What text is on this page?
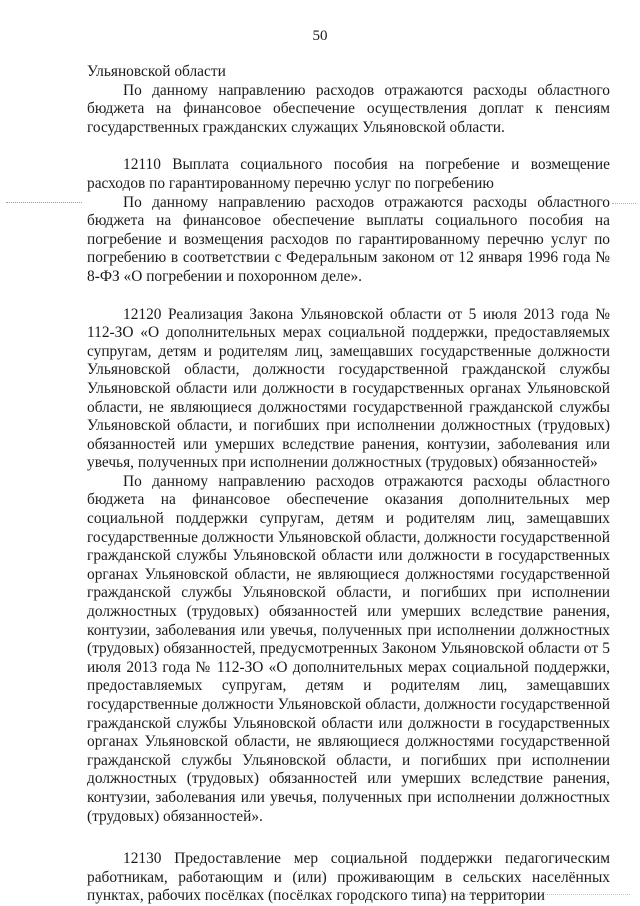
50

Ульяновской области

По данному направлению расходов отражаются расходы областного бюджета на финансовое обеспечение осуществления доплат к пенсиям государственных гражданских служащих Ульяновской области.

12110 Выплата социального пособия на погребение и возмещение расходов по гарантированному перечню услуг по погребению

По данному направлению расходов отражаются расходы областного бюджета на финансовое обеспечение выплаты социального пособия на погребение и возмещения расходов по гарантированному перечню услуг по погребению в соответствии с Федеральным законом от 12 января 1996 года № 8-ФЗ «О погребении и похоронном деле».

12120 Реализация Закона Ульяновской области от 5 июля 2013 года № 112-ЗО «О дополнительных мерах социальной поддержки, предоставляемых супругам, детям и родителям лиц, замещавших государственные должности Ульяновской области, должности государственной гражданской службы Ульяновской области или должности в государственных органах Ульяновской области, не являющиеся должностями государственной гражданской службы Ульяновской области, и погибших при исполнении должностных (трудовых) обязанностей или умерших вследствие ранения, контузии, заболевания или увечья, полученных при исполнении должностных (трудовых) обязанностей»

По данному направлению расходов отражаются расходы областного бюджета на финансовое обеспечение оказания дополнительных мер социальной поддержки супругам, детям и родителям лиц, замещавших государственные должности Ульяновской области, должности государственной гражданской службы Ульяновской области или должности в государственных органах Ульяновской области, не являющиеся должностями государственной гражданской службы Ульяновской области, и погибших при исполнении должностных (трудовых) обязанностей или умерших вследствие ранения, контузии, заболевания или увечья, полученных при исполнении должностных (трудовых) обязанностей, предусмотренных Законом Ульяновской области от 5 июля 2013 года № 112-ЗО «О дополнительных мерах социальной поддержки, предоставляемых супругам, детям и родителям лиц, замещавших государственные должности Ульяновской области, должности государственной гражданской службы Ульяновской области или должности в государственных органах Ульяновской области, не являющиеся должностями государственной гражданской службы Ульяновской области, и погибших при исполнении должностных (трудовых) обязанностей или умерших вследствие ранения, контузии, заболевания или увечья, полученных при исполнении должностных (трудовых) обязанностей».

12130 Предоставление мер социальной поддержки педагогическим работникам, работающим и (или) проживающим в сельских населённых пунктах, рабочих посёлках (посёлках городского типа) на территории
